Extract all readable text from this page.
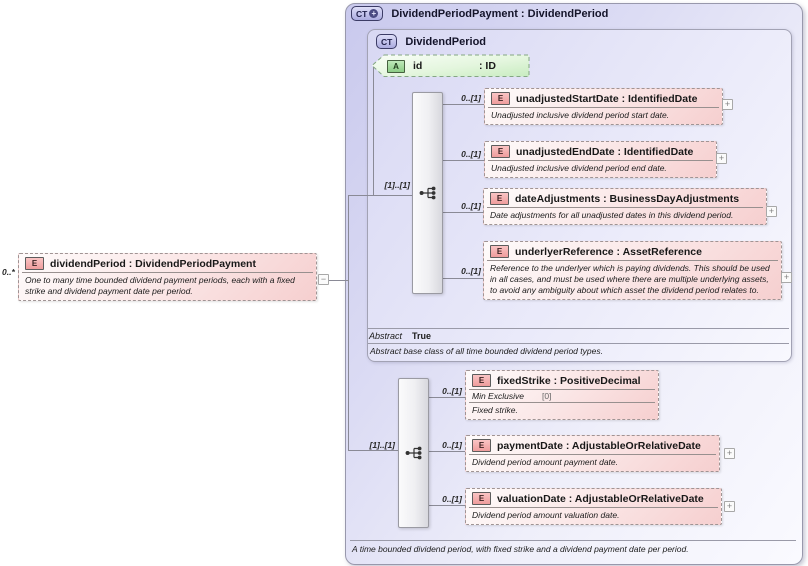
CT + DividendPeriodPayment : DividendPeriod
CT DividendPeriod
0..*
E	dividendPeriod : DividendPeriodPayment
One to many time bounded dividend payment periods, each with a fixed strike and dividend payment date per period.
−
A	id	: ID
[1]..[1]
0..[1]	E	unadjustedStartDate : IdentifiedDate
Unadjusted inclusive dividend period start date.
+
0..[1]	E	unadjustedEndDate : IdentifiedDate
Unadjusted inclusive dividend period end date.
+
0..[1]
E	dateAdjustments : BusinessDayAdjustments
Date adjustments for all unadjusted dates in this dividend period.	+
0..[1]
E	underlyerReference : AssetReference
Reference to the underlyer which is paying dividends. This should be used in all cases, and must be used where there are multiple underlying assets, to avoid any ambiguity about which asset the dividend period relates to.
+
Abstract True
Abstract base class of all time bounded dividend period types.
[1]..[1]
0..[1]
E	fixedStrike : PositiveDecimal
Min Exclusive [0]
Fixed strike.
0..[1]	E	paymentDate : AdjustableOrRelativeDate
Dividend period amount payment date.
+
0..[1]	E	valuationDate : AdjustableOrRelativeDate
Dividend period amount valuation date.
+
A time bounded dividend period, with fixed strike and a dividend payment date per period.
